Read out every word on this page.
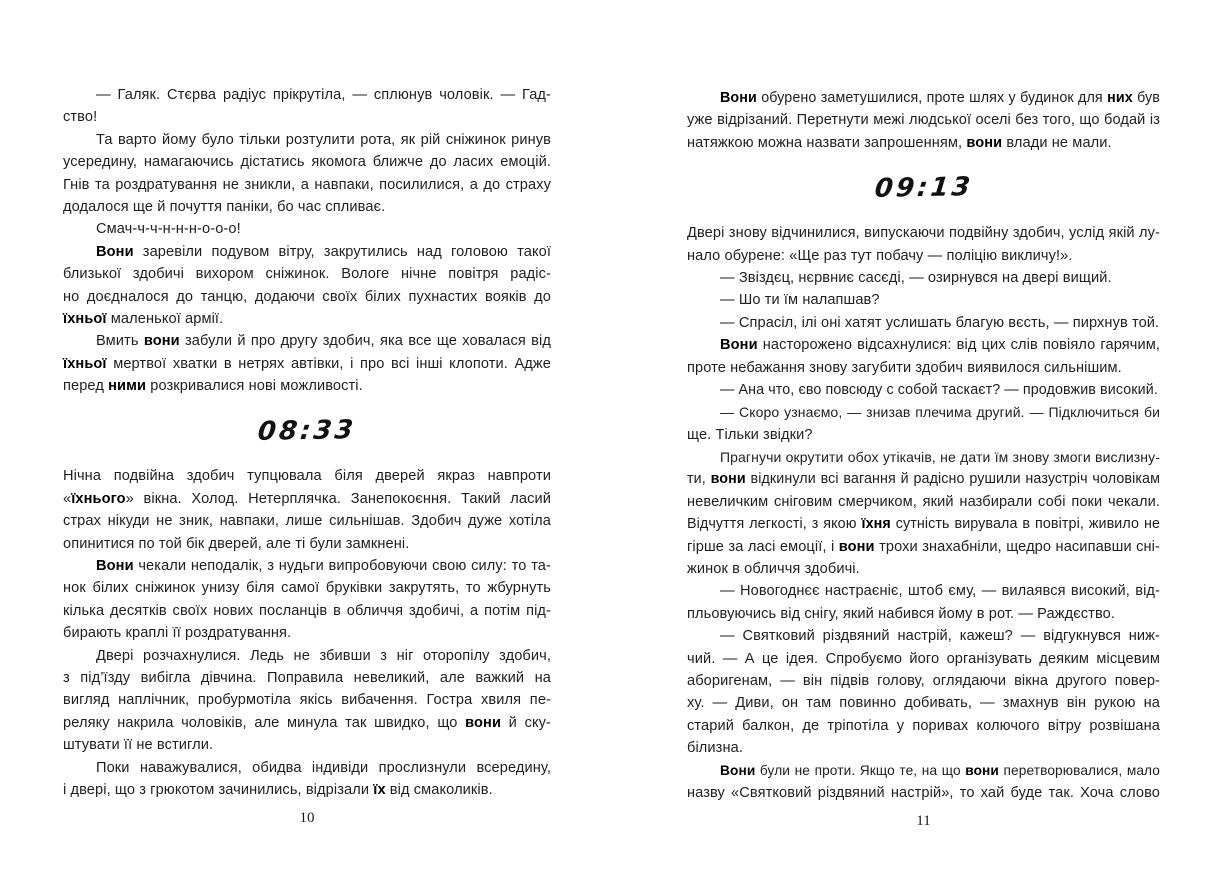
— Галяк. Стєрва радіус прікрутіла, — сплюнув чоловік. — Гад-
ство!
Та варто йому було тільки розтулити рота, як рій сніжинок ринув
усередину, намагаючись дістатись якомога ближче до ласих емоцій.
Гнів та роздратування не зникли, а навпаки, посилилися, а до страху
додалося ще й почуття паніки, бо час спливає.
Смач-ч-ч-н-н-н-о-о-о!
Вони заревіли подувом вітру, закрутились над головою такої
близької здобичі вихором сніжинок. Вологе нічне повітря радіс-
но доєдналося до танцю, додаючи своїх білих пухнастих вояків до
їхньої маленької армії.
Вмить вони забули й про другу здобич, яка все ще ховалася від
їхньої мертвої хватки в нетрях автівки, і про всі інші клопоти. Адже
перед ними розкривалися нові можливості.
08:33
Нічна подвійна здобич тупцювала біля дверей якраз навпроти
«їхнього» вікна. Холод. Нетерплячка. Занепокоєння. Такий ласий
страх нікуди не зник, навпаки, лише сильнішав. Здобич дуже хотіла
опинитися по той бік дверей, але ті були замкнені.
Вони чекали неподалік, з нудьги випробовуючи свою силу: то та-
нок білих сніжинок унизу біля самої бруківки закрутять, то жбурнуть
кілька десятків своїх нових посланців в обличчя здобичі, а потім під-
бирають краплі її роздратування.
Двері розчахнулися. Ледь не збивши з ніг оторопілу здобич,
з під’їзду вибігла дівчина. Поправила невеликий, але важкий на
вигляд наплічник, пробурмотіла якісь вибачення. Гостра хвиля пе-
реляку накрила чоловіків, але минула так швидко, що вони й ску-
штувати її не встигли.
Поки наважувалися, обидва індивіди прослизнули всередину,
і двері, що з грюкотом зачинились, відрізали їх від смаколиків.
10
Вони обурено заметушилися, проте шлях у будинок для них був
уже відрізаний. Перетнути межі людської оселі без того, що бодай із
натяжкою можна назвати запрошенням, вони влади не мали.
09:13
Двері знову відчинилися, випускаючи подвійну здобич, услід якій лу-
нало обурене: «Ще раз тут побачу — поліцію викличу!».
— Звіздєц, нєрвниє сасєді, — озирнувся на двері вищий.
— Шо ти їм налапшав?
— Спрасіл, ілі оні хатят услишать благую вєсть, — пирхнув той.
Вони насторожено відсахнулися: від цих слів повіяло гарячим,
проте небажання знову загубити здобич виявилося сильнішим.
— Ана что, єво повсюду с собой таскаєт? — продовжив високий.
— Скоро узнаємо, — знизав плечима другий. — Підключиться би
ще. Тільки звідки?
Прагнучи окрутити обох утікачів, не дати їм знову змоги вислизну-
ти, вони відкинули всі вагання й радісно рушили назустріч чоловікам
невеличким сніговим смерчиком, який назбирали собі поки чекали.
Відчуття легкості, з якою їхня сутність вирувала в повітрі, живило не
гірше за ласі емоції, і вони трохи знахабніли, щедро насипавши сні-
жинок в обличчя здобичі.
— Новогоднєє настраєніє, штоб єму, — вилаявся високий, від-
пльовуючись від снігу, який набився йому в рот. — Раждєство.
— Святковий різдвяний настрій, кажеш? — відгукнувся ниж-
чий. — А це ідея. Спробуємо його організувать деяким місцевим
аборигенам, — він підвів голову, оглядаючи вікна другого повер-
ху. — Диви, он там повинно добивать, — змахнув він рукою на
старий балкон, де тріпотіла у поривах колючого вітру розвішана
білизна.
Вони були не проти. Якщо те, на що вони перетворювалися, мало
назву «Святковий різдвяний настрій», то хай буде так. Хоча слово
11
